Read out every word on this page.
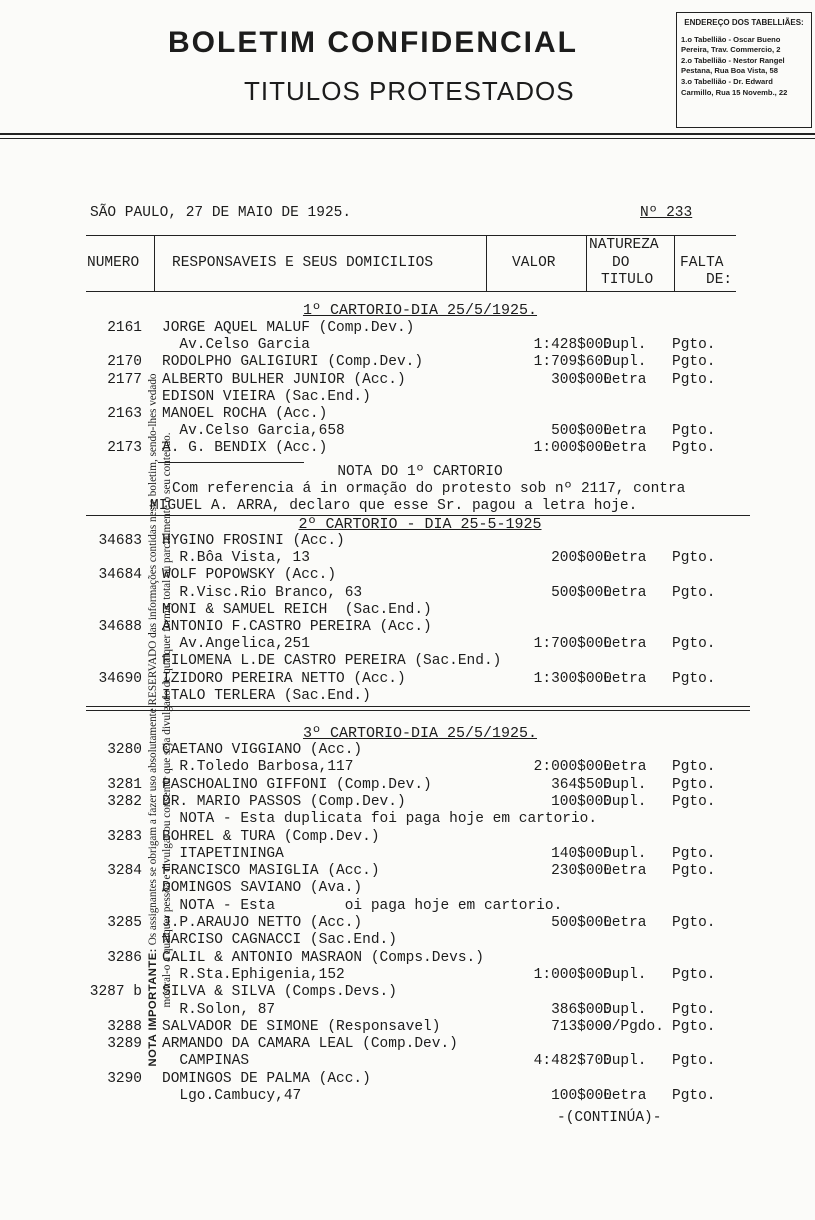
BOLETIM CONFIDENCIAL
TITULOS PROTESTADOS
ENDEREÇO DOS TABELLIÃES:
1.o Tabellião - Oscar Bueno
Pereira, Trav. Commercio, 2
2.o Tabellião - Nestor Rangel
Pestana, Rua Boa Vista, 58
3.o Tabellião - Dr. Edward
Carmillo, Rua 15 Novemb., 22
NOTA IMPORTANTE: Os assignantes se obrigam a fazer uso absolutamente RESERVADO das informações contidas neste boletim, sendo-lhes vedado mostral-o a qualquer pessõa e divulgar ou consentir que seja divulgado de qualquer forma, total ou parcialmente o seu conteúdo.
SÃO PAULO, 27 DE MAIO DE 1925.	Nº 233
NUMERO RESPONSAVEIS E SEUS DOMICILIOS	VALOR
NATUREZA
DO
TITULO
FALTA
DE:
1º CARTORIO-DIA 25/5/1925.
2161 JORGE AQUEL MALUF (Comp.Dev.)
Av.Celso Garcia	1:428$000
Dupl. Pgto.
2170 RODOLPHO GALIGIURI (Comp.Dev.)	1:709$600
Dupl. Pgto.
2177 ALBERTO BULHER JUNIOR (Acc.)	300$000
Letra Pgto.
EDISON VIEIRA (Sac.End.)
2163 MANOEL ROCHA (Acc.)
Av.Celso Garcia,658	500$000
Letra Pgto.
2173 A. G. BENDIX (Acc.)	1:000$000
Letra Pgto.
NOTA DO 1º CARTORIO
Com referencia á in ormação do protesto sob nº 2117, contra
MIGUEL A. ARRA, declaro que esse Sr. pagou a letra hoje.
2º CARTORIO - DIA 25-5-1925
34683 HYGINO FROSINI (Acc.)
R.Bôa Vista, 13	200$000
Letra Pgto.
34684 WOLF POPOWSKY (Acc.)
R.Visc.Rio Branco, 63	500$000
Letra Pgto.
MONI & SAMUEL REICH  (Sac.End.)
34688 ANTONIO F.CASTRO PEREIRA (Acc.)
Av.Angelica,251	1:700$000
Letra Pgto.
FILOMENA L.DE CASTRO PEREIRA (Sac.End.)
34690 IZIDORO PEREIRA NETTO (Acc.)	1:300$000
Letra Pgto.
ITALO TERLERA (Sac.End.)
3º CARTORIO-DIA 25/5/1925.
3280 CAETANO VIGGIANO (Acc.)
R.Toledo Barbosa,117	2:000$000
Letra Pgto.
3281 PASCHOALINO GIFFONI (Comp.Dev.)	364$500
Dupl. Pgto.
3282 DR. MARIO PASSOS (Comp.Dev.)	100$000
Dupl. Pgto.
NOTA - Esta duplicata foi paga hoje em cartorio.
3283 BOHREL & TURA (Comp.Dev.)
ITAPETININGA	140$000
Dupl. Pgto.
3284 FRANCISCO MASIGLIA (Acc.)	230$000
Letra Pgto.
DOMINGOS SAVIANO (Ava.)
NOTA - Esta        oi paga hoje em cartorio.
3285 J.P.ARAUJO NETTO (Acc.)	500$000
Letra Pgto.
NARCISO CAGNACCI (Sac.End.)
3286 CALIL & ANTONIO MASRAON (Comps.Devs.)
R.Sta.Ephigenia,152	1:000$000
Dupl. Pgto.
3287 b SILVA & SILVA (Comps.Devs.)
R.Solon, 87	386$000
Dupl. Pgto.
3288 SALVADOR DE SIMONE (Responsavel)	713$000
O/Pgdo. Pgto.
3289 ARMANDO DA CAMARA LEAL (Comp.Dev.)
CAMPINAS	4:482$700
Dupl. Pgto.
3290 DOMINGOS DE PALMA (Acc.)
Lgo.Cambucy,47	100$000
Letra Pgto.
-(CONTINÚA)-
